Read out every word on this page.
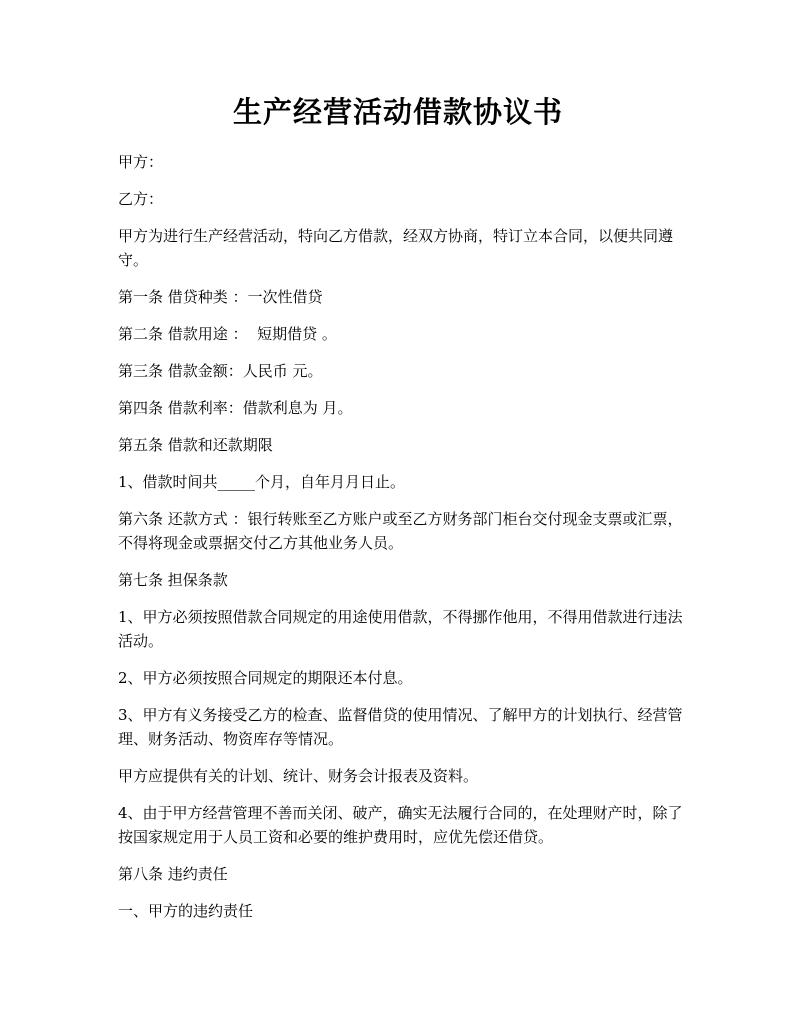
生产经营活动借款协议书

甲方：

乙方：

甲方为进行生产经营活动，特向乙方借款，经双方协商，特订立本合同，以便共同遵守。

第一条 借贷种类 ：一次性借贷

第二条 借款用途 ：  短期借贷 。

第三条 借款金额：人民币 元。

第四条 借款利率：借款利息为 月。

第五条 借款和还款期限

1、借款时间共_____个月，自年月月日止。

第六条 还款方式 ：银行转账至乙方账户或至乙方财务部门柜台交付现金支票或汇票，不得将现金或票据交付乙方其他业务人员。

第七条 担保条款

1、甲方必须按照借款合同规定的用途使用借款，不得挪作他用，不得用借款进行违法活动。

2、甲方必须按照合同规定的期限还本付息。

3、甲方有义务接受乙方的检查、监督借贷的使用情况、了解甲方的计划执行、经营管理、财务活动、物资库存等情况。

甲方应提供有关的计划、统计、财务会计报表及资料。

4、由于甲方经营管理不善而关闭、破产，确实无法履行合同的，在处理财产时，除了按国家规定用于人员工资和必要的维护费用时，应优先偿还借贷。

第八条 违约责任

一、甲方的违约责任
